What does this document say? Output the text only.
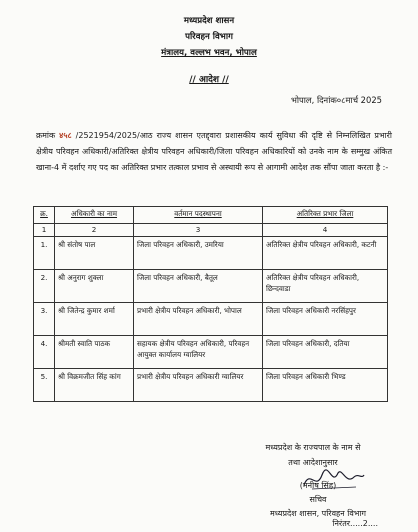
मध्यप्रदेश शासन
परिवहन विभाग
मंत्रालय, वल्लभ भवन, भोपाल
// आदेश //
भोपाल, दिनांक०८मार्च 2025
क्रमांक ४५८ /2521954/2025/आठ राज्य शासन एतद्द्वारा प्रशासकीय कार्य सुविधा की दृष्टि से निम्नलिखित प्रभारी क्षेत्रीय परिवहन अधिकारी/अतिरिक्त क्षेत्रीय परिवहन अधिकारी/जिला परिवहन अधिकारियों को उनके नाम के सम्मुख अंकित खाना-4 में दर्शाए गए पद का अतिरिक्त प्रभार तत्काल प्रभाव से अस्थायी रूप से आगामी आदेश तक सौंपा जाता करता है :-
क्र.	अधिकारी का नाम	वर्तमान पदस्थापना	अतिरिक्त प्रभार जिला
1	2	3	4
1.	श्री संतोष पाल	जिला परिवहन अधिकारी, उमरिया	अतिरिक्त क्षेत्रीय परिवहन अधिकारी, कटनी
2.	श्री अनुराग शुक्ला	जिला परिवहन अधिकारी, बैतूल	अतिरिक्त क्षेत्रीय परिवहन अधिकारी, छिन्दवाडा
3.	श्री जितेन्द्र कुमार शर्मा	प्रभारी क्षेत्रीय परिवहन अधिकारी, भोपाल	जिला परिवहन अधिकारी नरसिंहपुर
4.	श्रीमती स्वाति पाठक	सहायक क्षेत्रीय परिवहन अधिकारी, परिवहन आयुक्त कार्यालय ग्वालियर	जिला परिवहन अधिकारी, दतिया
5.	श्री विक्रमजीत सिंह कांग	प्रभारी क्षेत्रीय परिवहन अधिकारी ग्वालियर	जिला परिवहन अधिकारी भिण्ड
मध्यप्रदेश के राज्यपाल के नाम से
तथा आदेशानुसार
(मनीष सिंह)
सचिव
मध्यप्रदेश शासन, परिवहन विभाग
निरंतर.....2....
